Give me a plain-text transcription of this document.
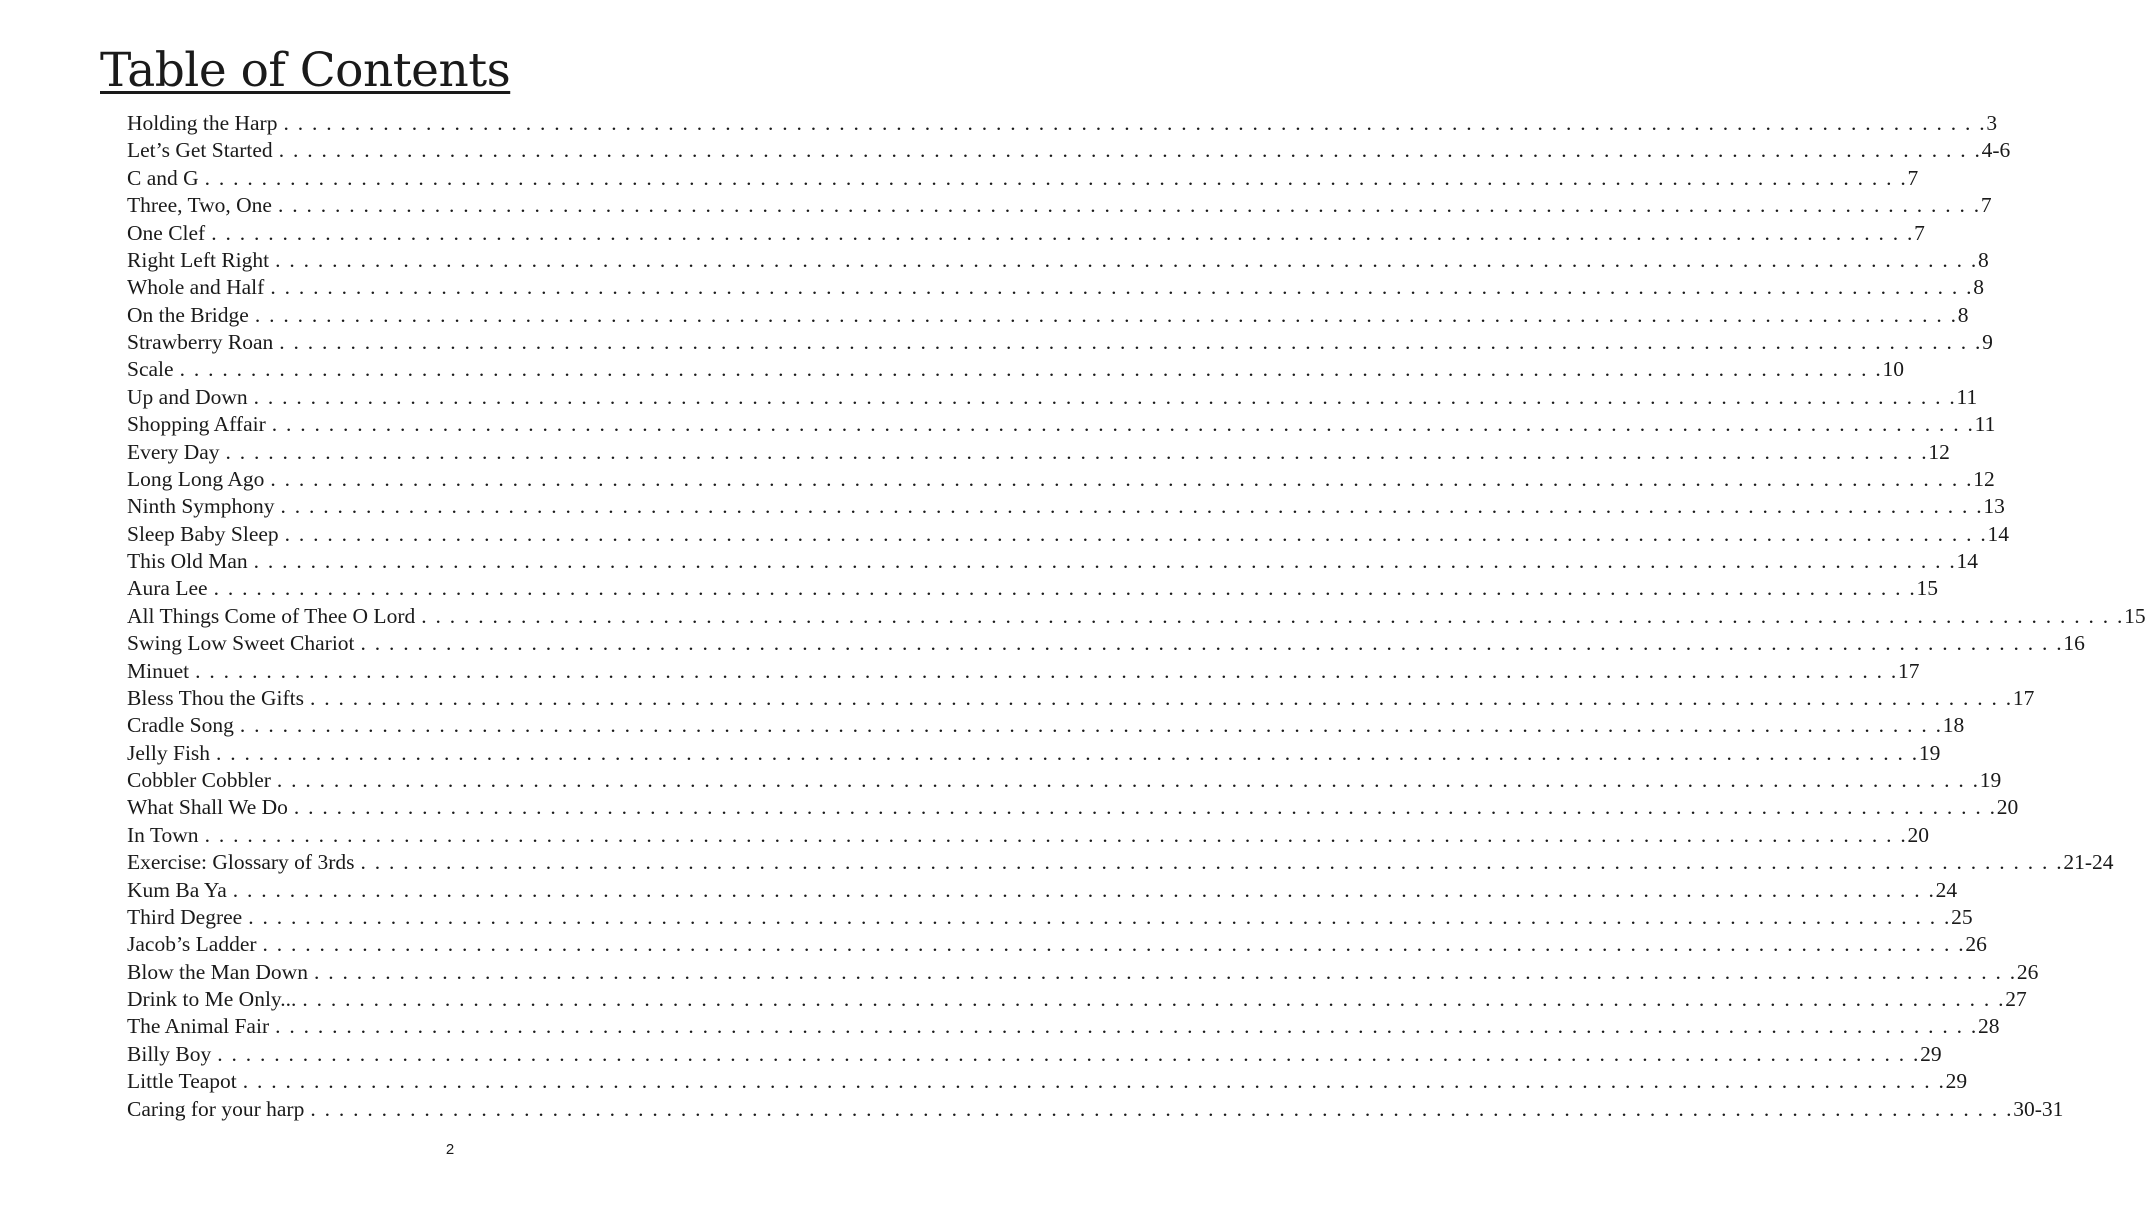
Table of Contents
Holding the Harp . . . . . . . . . . . . . . . . . . . . . . . . . . . . . . . . . . . . . . . . . . . . . . . . . . . . . . . . . . . . . . . . . . . . . . . . . . . . . . . . . . . . . . . . . . . . . . . . . . . . . . . . . . . . . . . . . . . . . . . . 3
Let’s Get Started . . . . . . . . . . . . . . . . . . . . . . . . . . . . . . . . . . . . . . . . . . . . . . . . . . . . . . . . . . . . . . . . . . . . . . . . . . . . . . . . . . . . . . . . . . . . . . . . . . . . . . . . . . . . . . . . . . . . . . . . 4-6
C and G . . . . . . . . . . . . . . . . . . . . . . . . . . . . . . . . . . . . . . . . . . . . . . . . . . . . . . . . . . . . . . . . . . . . . . . . . . . . . . . . . . . . . . . . . . . . . . . . . . . . . . . . . . . . . . . . . . . . . . . . 7
Three, Two, One . . . . . . . . . . . . . . . . . . . . . . . . . . . . . . . . . . . . . . . . . . . . . . . . . . . . . . . . . . . . . . . . . . . . . . . . . . . . . . . . . . . . . . . . . . . . . . . . . . . . . . . . . . . . . . . . . . . . . . . . 7
One Clef . . . . . . . . . . . . . . . . . . . . . . . . . . . . . . . . . . . . . . . . . . . . . . . . . . . . . . . . . . . . . . . . . . . . . . . . . . . . . . . . . . . . . . . . . . . . . . . . . . . . . . . . . . . . . . . . . . . . . . . . 7
Right Left Right . . . . . . . . . . . . . . . . . . . . . . . . . . . . . . . . . . . . . . . . . . . . . . . . . . . . . . . . . . . . . . . . . . . . . . . . . . . . . . . . . . . . . . . . . . . . . . . . . . . . . . . . . . . . . . . . . . . . . . . . 8
Whole and Half . . . . . . . . . . . . . . . . . . . . . . . . . . . . . . . . . . . . . . . . . . . . . . . . . . . . . . . . . . . . . . . . . . . . . . . . . . . . . . . . . . . . . . . . . . . . . . . . . . . . . . . . . . . . . . . . . . . . . . . . 8
On the Bridge . . . . . . . . . . . . . . . . . . . . . . . . . . . . . . . . . . . . . . . . . . . . . . . . . . . . . . . . . . . . . . . . . . . . . . . . . . . . . . . . . . . . . . . . . . . . . . . . . . . . . . . . . . . . . . . . . . . . . . . . 8
Strawberry Roan . . . . . . . . . . . . . . . . . . . . . . . . . . . . . . . . . . . . . . . . . . . . . . . . . . . . . . . . . . . . . . . . . . . . . . . . . . . . . . . . . . . . . . . . . . . . . . . . . . . . . . . . . . . . . . . . . . . . . . . . 9
Scale . . . . . . . . . . . . . . . . . . . . . . . . . . . . . . . . . . . . . . . . . . . . . . . . . . . . . . . . . . . . . . . . . . . . . . . . . . . . . . . . . . . . . . . . . . . . . . . . . . . . . . . . . . . . . . . . . . . . . . . . 10
Up and Down . . . . . . . . . . . . . . . . . . . . . . . . . . . . . . . . . . . . . . . . . . . . . . . . . . . . . . . . . . . . . . . . . . . . . . . . . . . . . . . . . . . . . . . . . . . . . . . . . . . . . . . . . . . . . . . . . . . . . . . . 11
Shopping Affair . . . . . . . . . . . . . . . . . . . . . . . . . . . . . . . . . . . . . . . . . . . . . . . . . . . . . . . . . . . . . . . . . . . . . . . . . . . . . . . . . . . . . . . . . . . . . . . . . . . . . . . . . . . . . . . . . . . . . . . . 11
Every Day . . . . . . . . . . . . . . . . . . . . . . . . . . . . . . . . . . . . . . . . . . . . . . . . . . . . . . . . . . . . . . . . . . . . . . . . . . . . . . . . . . . . . . . . . . . . . . . . . . . . . . . . . . . . . . . . . . . . . . . . 12
Long Long Ago . . . . . . . . . . . . . . . . . . . . . . . . . . . . . . . . . . . . . . . . . . . . . . . . . . . . . . . . . . . . . . . . . . . . . . . . . . . . . . . . . . . . . . . . . . . . . . . . . . . . . . . . . . . . . . . . . . . . . . . . 12
Ninth Symphony . . . . . . . . . . . . . . . . . . . . . . . . . . . . . . . . . . . . . . . . . . . . . . . . . . . . . . . . . . . . . . . . . . . . . . . . . . . . . . . . . . . . . . . . . . . . . . . . . . . . . . . . . . . . . . . . . . . . . . . . 13
Sleep Baby Sleep . . . . . . . . . . . . . . . . . . . . . . . . . . . . . . . . . . . . . . . . . . . . . . . . . . . . . . . . . . . . . . . . . . . . . . . . . . . . . . . . . . . . . . . . . . . . . . . . . . . . . . . . . . . . . . . . . . . . . . . . 14
This Old Man . . . . . . . . . . . . . . . . . . . . . . . . . . . . . . . . . . . . . . . . . . . . . . . . . . . . . . . . . . . . . . . . . . . . . . . . . . . . . . . . . . . . . . . . . . . . . . . . . . . . . . . . . . . . . . . . . . . . . . . . 14
Aura Lee . . . . . . . . . . . . . . . . . . . . . . . . . . . . . . . . . . . . . . . . . . . . . . . . . . . . . . . . . . . . . . . . . . . . . . . . . . . . . . . . . . . . . . . . . . . . . . . . . . . . . . . . . . . . . . . . . . . . . . . . 15
All Things Come of Thee O Lord . . . . . . . . . . . . . . . . . . . . . . . . . . . . . . . . . . . . . . . . . . . . . . . . . . . . . . . . . . . . . . . . . . . . . . . . . . . . . . . . . . . . . . . . . . . . . . . . . . . . . . . . . . . . . . . . . . . . . . . . 15
Swing Low Sweet Chariot . . . . . . . . . . . . . . . . . . . . . . . . . . . . . . . . . . . . . . . . . . . . . . . . . . . . . . . . . . . . . . . . . . . . . . . . . . . . . . . . . . . . . . . . . . . . . . . . . . . . . . . . . . . . . . . . . . . . . . . . 16
Minuet . . . . . . . . . . . . . . . . . . . . . . . . . . . . . . . . . . . . . . . . . . . . . . . . . . . . . . . . . . . . . . . . . . . . . . . . . . . . . . . . . . . . . . . . . . . . . . . . . . . . . . . . . . . . . . . . . . . . . . . . 17
Bless Thou the Gifts . . . . . . . . . . . . . . . . . . . . . . . . . . . . . . . . . . . . . . . . . . . . . . . . . . . . . . . . . . . . . . . . . . . . . . . . . . . . . . . . . . . . . . . . . . . . . . . . . . . . . . . . . . . . . . . . . . . . . . . . 17
Cradle Song . . . . . . . . . . . . . . . . . . . . . . . . . . . . . . . . . . . . . . . . . . . . . . . . . . . . . . . . . . . . . . . . . . . . . . . . . . . . . . . . . . . . . . . . . . . . . . . . . . . . . . . . . . . . . . . . . . . . . . . . 18
Jelly Fish . . . . . . . . . . . . . . . . . . . . . . . . . . . . . . . . . . . . . . . . . . . . . . . . . . . . . . . . . . . . . . . . . . . . . . . . . . . . . . . . . . . . . . . . . . . . . . . . . . . . . . . . . . . . . . . . . . . . . . . . 19
Cobbler Cobbler . . . . . . . . . . . . . . . . . . . . . . . . . . . . . . . . . . . . . . . . . . . . . . . . . . . . . . . . . . . . . . . . . . . . . . . . . . . . . . . . . . . . . . . . . . . . . . . . . . . . . . . . . . . . . . . . . . . . . . . . 19
What Shall We Do . . . . . . . . . . . . . . . . . . . . . . . . . . . . . . . . . . . . . . . . . . . . . . . . . . . . . . . . . . . . . . . . . . . . . . . . . . . . . . . . . . . . . . . . . . . . . . . . . . . . . . . . . . . . . . . . . . . . . . . . 20
In Town . . . . . . . . . . . . . . . . . . . . . . . . . . . . . . . . . . . . . . . . . . . . . . . . . . . . . . . . . . . . . . . . . . . . . . . . . . . . . . . . . . . . . . . . . . . . . . . . . . . . . . . . . . . . . . . . . . . . . . . . 20
Exercise: Glossary of 3rds . . . . . . . . . . . . . . . . . . . . . . . . . . . . . . . . . . . . . . . . . . . . . . . . . . . . . . . . . . . . . . . . . . . . . . . . . . . . . . . . . . . . . . . . . . . . . . . . . . . . . . . . . . . . . . . . . . . . . . . . 21-24
Kum Ba Ya . . . . . . . . . . . . . . . . . . . . . . . . . . . . . . . . . . . . . . . . . . . . . . . . . . . . . . . . . . . . . . . . . . . . . . . . . . . . . . . . . . . . . . . . . . . . . . . . . . . . . . . . . . . . . . . . . . . . . . . . 24
Third Degree . . . . . . . . . . . . . . . . . . . . . . . . . . . . . . . . . . . . . . . . . . . . . . . . . . . . . . . . . . . . . . . . . . . . . . . . . . . . . . . . . . . . . . . . . . . . . . . . . . . . . . . . . . . . . . . . . . . . . . . . 25
Jacob’s Ladder . . . . . . . . . . . . . . . . . . . . . . . . . . . . . . . . . . . . . . . . . . . . . . . . . . . . . . . . . . . . . . . . . . . . . . . . . . . . . . . . . . . . . . . . . . . . . . . . . . . . . . . . . . . . . . . . . . . . . . . . 26
Blow the Man Down . . . . . . . . . . . . . . . . . . . . . . . . . . . . . . . . . . . . . . . . . . . . . . . . . . . . . . . . . . . . . . . . . . . . . . . . . . . . . . . . . . . . . . . . . . . . . . . . . . . . . . . . . . . . . . . . . . . . . . . . 26
Drink to Me Only... . . . . . . . . . . . . . . . . . . . . . . . . . . . . . . . . . . . . . . . . . . . . . . . . . . . . . . . . . . . . . . . . . . . . . . . . . . . . . . . . . . . . . . . . . . . . . . . . . . . . . . . . . . . . . . . . . . . . . . . . 27
The Animal Fair . . . . . . . . . . . . . . . . . . . . . . . . . . . . . . . . . . . . . . . . . . . . . . . . . . . . . . . . . . . . . . . . . . . . . . . . . . . . . . . . . . . . . . . . . . . . . . . . . . . . . . . . . . . . . . . . . . . . . . . . 28
Billy Boy . . . . . . . . . . . . . . . . . . . . . . . . . . . . . . . . . . . . . . . . . . . . . . . . . . . . . . . . . . . . . . . . . . . . . . . . . . . . . . . . . . . . . . . . . . . . . . . . . . . . . . . . . . . . . . . . . . . . . . . . 29
Little Teapot . . . . . . . . . . . . . . . . . . . . . . . . . . . . . . . . . . . . . . . . . . . . . . . . . . . . . . . . . . . . . . . . . . . . . . . . . . . . . . . . . . . . . . . . . . . . . . . . . . . . . . . . . . . . . . . . . . . . . . . . 29
Caring for your harp . . . . . . . . . . . . . . . . . . . . . . . . . . . . . . . . . . . . . . . . . . . . . . . . . . . . . . . . . . . . . . . . . . . . . . . . . . . . . . . . . . . . . . . . . . . . . . . . . . . . . . . . . . . . . . . . . . . . . . . . 30-31
2
